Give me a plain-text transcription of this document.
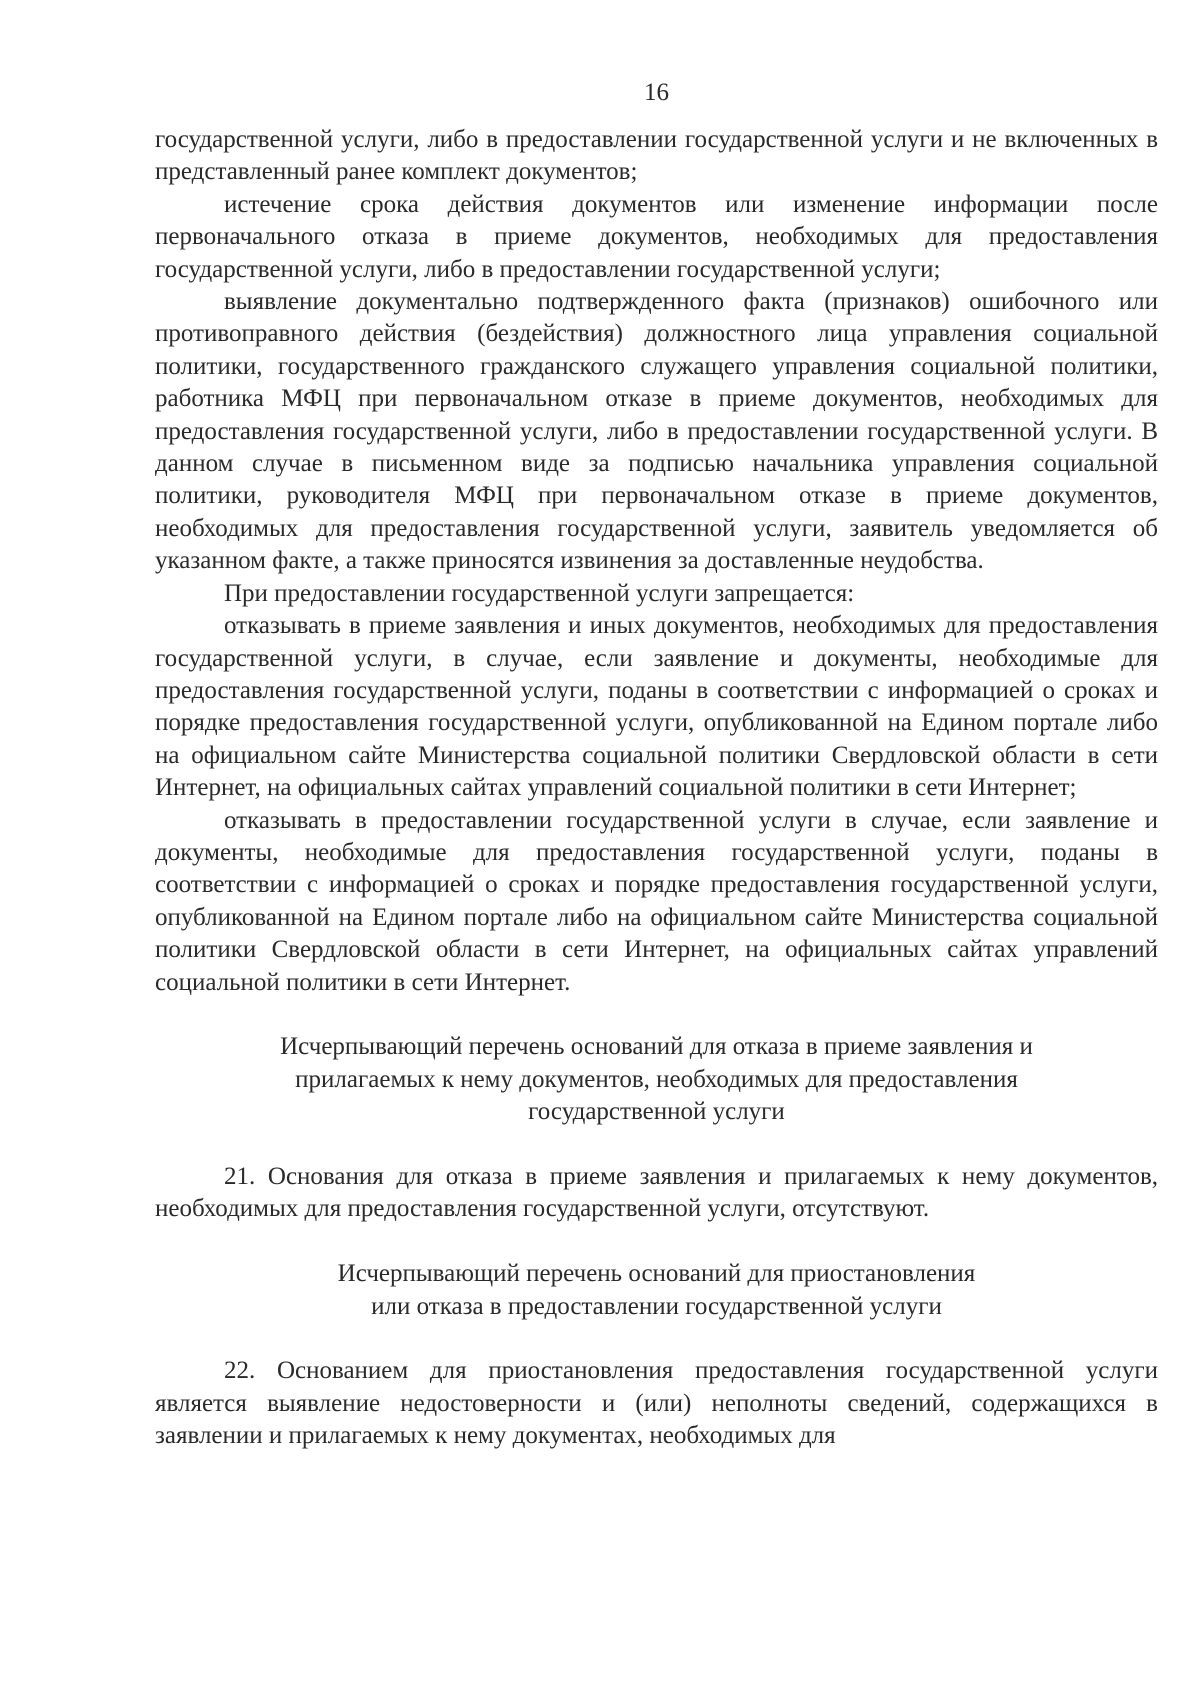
16

государственной услуги, либо в предоставлении государственной услуги и не включенных в представленный ранее комплект документов;

истечение срока действия документов или изменение информации после первоначального отказа в приеме документов, необходимых для предоставления государственной услуги, либо в предоставлении государственной услуги;

выявление документально подтвержденного факта (признаков) ошибочного или противоправного действия (бездействия) должностного лица управления социальной политики, государственного гражданского служащего управления социальной политики, работника МФЦ при первоначальном отказе в приеме документов, необходимых для предоставления государственной услуги, либо в предоставлении государственной услуги. В данном случае в письменном виде за подписью начальника управления социальной политики, руководителя МФЦ при первоначальном отказе в приеме документов, необходимых для предоставления государственной услуги, заявитель уведомляется об указанном факте, а также приносятся извинения за доставленные неудобства.

При предоставлении государственной услуги запрещается:

отказывать в приеме заявления и иных документов, необходимых для предоставления государственной услуги, в случае, если заявление и документы, необходимые для предоставления государственной услуги, поданы в соответствии с информацией о сроках и порядке предоставления государственной услуги, опубликованной на Едином портале либо на официальном сайте Министерства социальной политики Свердловской области в сети Интернет, на официальных сайтах управлений социальной политики в сети Интернет;

отказывать в предоставлении государственной услуги в случае, если заявление и документы, необходимые для предоставления государственной услуги, поданы в соответствии с информацией о сроках и порядке предоставления государственной услуги, опубликованной на Едином портале либо на официальном сайте Министерства социальной политики Свердловской области в сети Интернет, на официальных сайтах управлений социальной политики в сети Интернет.

Исчерпывающий перечень оснований для отказа в приеме заявления и
прилагаемых к нему документов, необходимых для предоставления
государственной услуги

21. Основания для отказа в приеме заявления и прилагаемых к нему документов, необходимых для предоставления государственной услуги, отсутствуют.

Исчерпывающий перечень оснований для приостановления
или отказа в предоставлении государственной услуги

22. Основанием для приостановления предоставления государственной услуги является выявление недостоверности и (или) неполноты сведений, содержащихся в заявлении и прилагаемых к нему документах, необходимых для
